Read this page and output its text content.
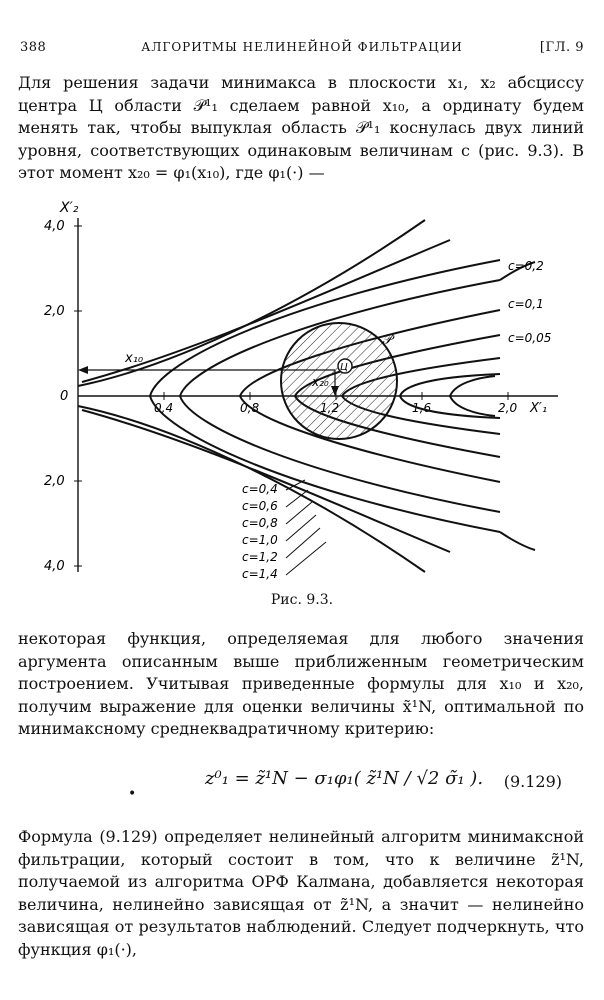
388	АЛГОРИТМЫ НЕЛИНЕЙНОЙ ФИЛЬТРАЦИИ	[ГЛ. 9

Для решения задачи минимакса в плоскости x₁, x₂ абсциссу центра Ц области 𝒫¹₁ сделаем равной x₁₀, а ординату будем менять так, чтобы выпуклая область 𝒫¹₁ коснулась двух линий уровня, соответствующих одинаковым величинам c (рис. 9.3). В этот момент x₂₀ = φ₁(x₁₀), где φ₁(·) —

X′₂
4,0
2,0
0
2,0
4,0
0,4	0,8	1,6	2,0 X′₁
Ц
x₁₀
x₂₀
𝒫′
c=0,2
c=0,1
c=0,05
c=0,4
c=0,6
c=0,8
c=1,0
c=1,2
c=1,4
Рис. 9.3.

некоторая функция, определяемая для любого значения аргумента описанным выше приближенным геометрическим построением. Учитывая приведенные формулы для x₁₀ и x₂₀, получим выражение для оценки величины x̃¹N, оптимальной по минимаксному среднеквадратичному критерию:

•
z⁰₁ = z̃¹N − σ₁φ₁( z̃¹N / √2 σ̃₁ ). (9.129)

Формула (9.129) определяет нелинейный алгоритм минимаксной фильтрации, который состоит в том, что к величине z̃¹N, получаемой из алгоритма ОРФ Калмана, добавляется некоторая величина, нелинейно зависящая от z̃¹N, а значит — нелинейно зависящая от результатов наблюдений. Следует подчеркнуть, что функция φ₁(·),
